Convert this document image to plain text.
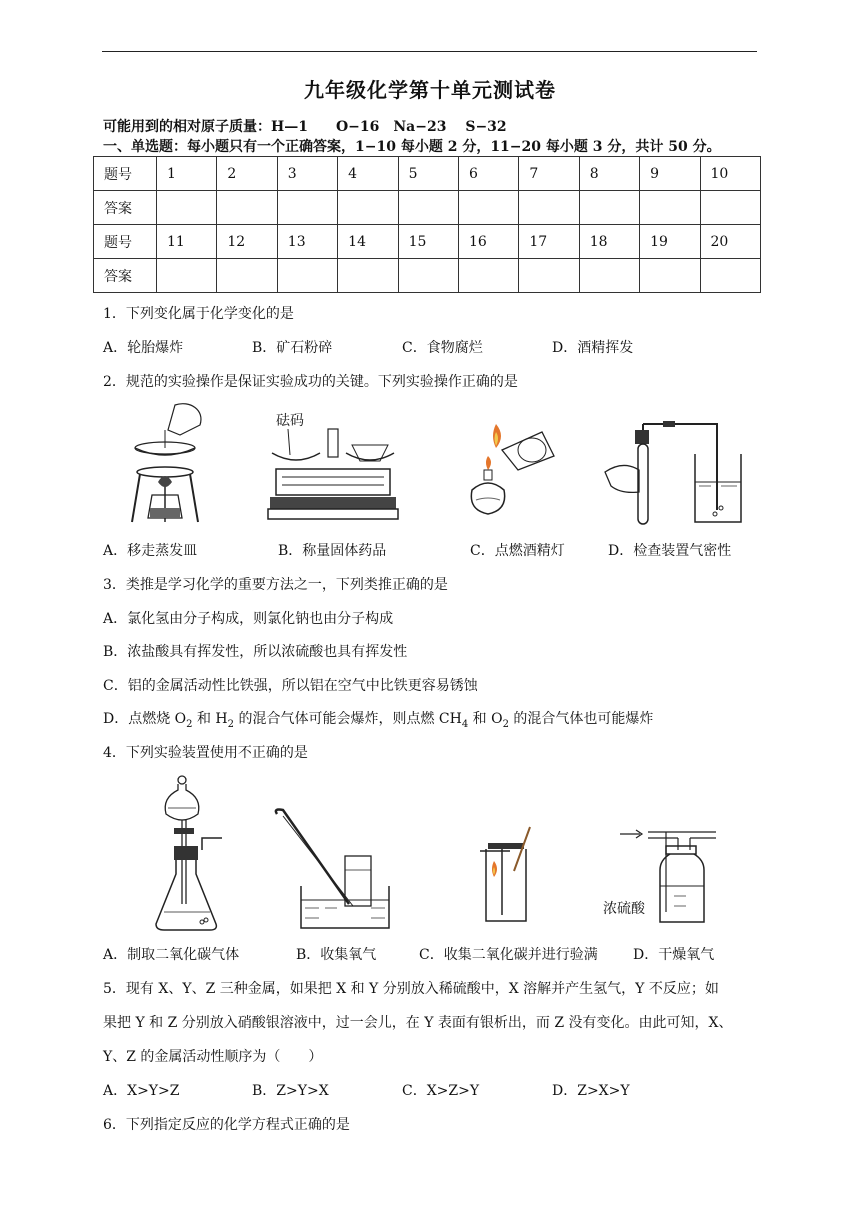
九年级化学第十单元测试卷
可能用到的相对原子质量：H—1　　O−16　Na−23　 S−32
一、单选题：每小题只有一个正确答案，1−10 每小题 2 分，11−20 每小题 3 分，共计 50 分。
题号	1	2	3	4	5	6	7	8	9	10
答案										
题号	11	12	13	14	15	16	17	18	19	20
答案										
1．下列变化属于化学变化的是
A．轮胎爆炸	B．矿石粉碎	C．食物腐烂	D．酒精挥发
2．规范的实验操作是保证实验成功的关键。下列实验操作正确的是
砝码
A．移走蒸发皿	B．称量固体药品	C．点燃酒精灯	D．检查装置气密性
3．类推是学习化学的重要方法之一，下列类推正确的是
A．氯化氢由分子构成，则氯化钠也由分子构成
B．浓盐酸具有挥发性，所以浓硫酸也具有挥发性
C．铝的金属活动性比铁强，所以铝在空气中比铁更容易锈蚀
D．点燃烧 $O_2$ 和 $H_2$ 的混合气体可能会爆炸，则点燃 $CH_4$ 和 $O_2$ 的混合气体也可能爆炸
4．下列实验装置使用不正确的是
浓硫酸
A．制取二氧化碳气体	B．收集氧气	C．收集二氧化碳并进行验满	D．干燥氧气
5．现有 X、Y、Z 三种金属，如果把 X 和 Y 分别放入稀硫酸中，X 溶解并产生氢气，Y 不反应；如
果把 Y 和 Z 分别放入硝酸银溶液中，过一会儿，在 Y 表面有银析出，而 Z 没有变化。由此可知，X、
Y、Z 的金属活动性顺序为（　　）
A．X>Y>Z	B．Z>Y>X	C．X>Z>Y	D．Z>X>Y
6．下列指定反应的化学方程式正确的是
